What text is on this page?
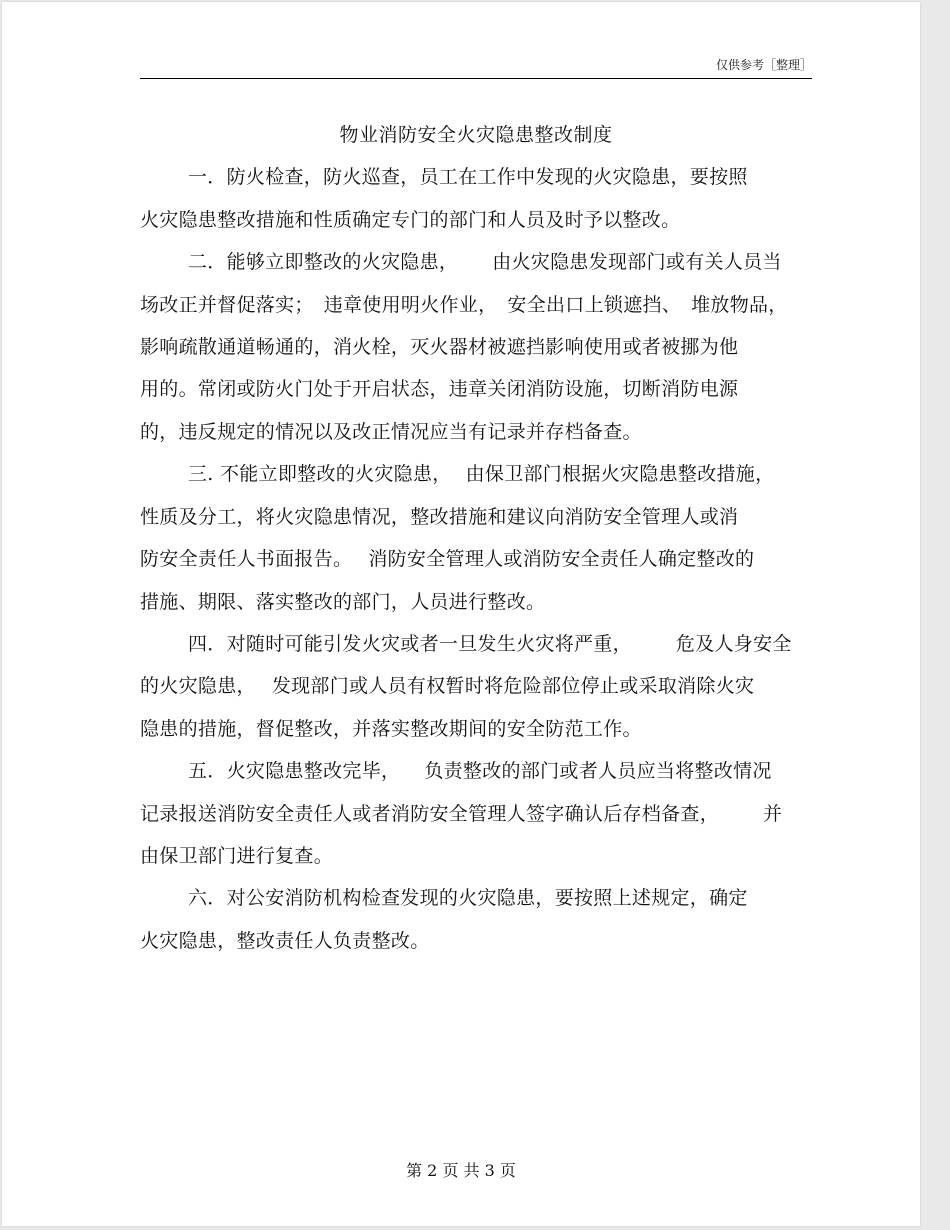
仅供参考［整理］
物业消防安全火灾隐患整改制度
一．防火检查，防火巡查，员工在工作中发现的火灾隐患，要按照
火灾隐患整改措施和性质确定专门的部门和人员及时予以整改。
二．能够立即整改的火灾隐患， 由火灾隐患发现部门或有关人员当
场改正并督促落实； 违章使用明火作业， 安全出口上锁遮挡、 堆放物品，
影响疏散通道畅通的，消火栓，灭火器材被遮挡影响使用或者被挪为他
用的。常闭或防火门处于开启状态，违章关闭消防设施，切断消防电源
的，违反规定的情况以及改正情况应当有记录并存档备查。
三. 不能立即整改的火灾隐患， 由保卫部门根据火灾隐患整改措施，
性质及分工，将火灾隐患情况，整改措施和建议向消防安全管理人或消
防安全责任人书面报告。 消防安全管理人或消防安全责任人确定整改的
措施、期限、落实整改的部门，人员进行整改。
四．对随时可能引发火灾或者一旦发生火灾将严重， 危及人身安全
的火灾隐患， 发现部门或人员有权暂时将危险部位停止或采取消除火灾
隐患的措施，督促整改，并落实整改期间的安全防范工作。
五．火灾隐患整改完毕， 负责整改的部门或者人员应当将整改情况
记录报送消防安全责任人或者消防安全管理人签字确认后存档备查， 并
由保卫部门进行复查。
六．对公安消防机构检查发现的火灾隐患，要按照上述规定，确定
火灾隐患，整改责任人负责整改。
第 2 页 共 3 页
